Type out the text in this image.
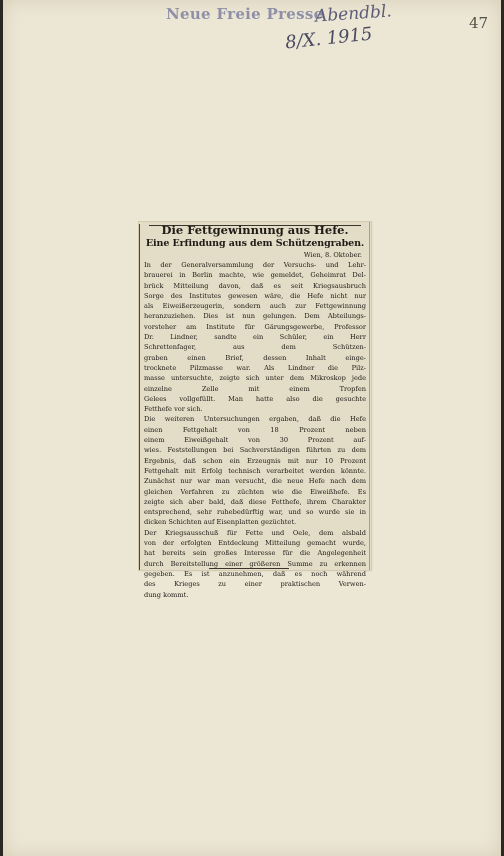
Neue Freie Presse
Abendbl.
8/X. 1915
47
Die Fettgewinnung aus Hefe.
Eine Erfindung aus dem Schützengraben.
Wien, 8. Oktober.
In der Generalversammlung der Versuchs- und Lehr-
brauerei in Berlin machte, wie gemeldet, Geheimrat Del-
brück Mitteilung davon, daß es seit Kriegsausbruch
Sorge des Institutes gewesen wäre, die Hefe nicht nur
als Eiweißerzeugerin, sondern auch zur Fettgewinnung
heranzuziehen. Dies ist nun gelungen. Dem Abteilungs-
vorsteher am Institute für Gärungsgewerbe, Professor
Dr. Lindner, sandte ein Schüler, ein Herr
Schrettenfager, aus dem Schützen-
graben einen Brief, dessen Inhalt einge-
trocknete Pilzmasse war. Als Lindner die Pilz-
masse untersuchte, zeigte sich unter dem Mikroskop jede
einzelne Zelle mit einem Tropfen
Gelees vollgefüllt. Man hatte also die gesuchte
Fetthefe vor sich.
Die weiteren Untersuchungen ergaben, daß die Hefe
einen Fettgehalt von 18 Prozent neben
einem Eiweißgehalt von 30 Prozent auf-
wies. Feststellungen bei Sachverständigen führten zu dem
Ergebnis, daß schon ein Erzeugnis mit nur 10 Prozent
Fettgehalt mit Erfolg technisch verarbeitet werden könnte.
Zunächst nur war man versucht, die neue Hefe nach dem
gleichen Verfahren zu züchten wie die Eiweißhefe. Es
zeigte sich aber bald, daß diese Fetthefe, ihrem Charakter
entsprechend, sehr ruhebedürftig war, und so wurde sie in
dicken Schichten auf Eisenplatten gezüchtet.
Der Kriegsausschuß für Fette und Oele, dem alsbald
von der erfolgten Entdeckung Mitteilung gemacht wurde,
hat bereits sein großes Interesse für die Angelegenheit
durch Bereitstellung einer größeren Summe zu erkennen
gegeben. Es ist anzunehmen, daß es noch während
des Krieges zu einer praktischen Verwen-
dung kommt.
